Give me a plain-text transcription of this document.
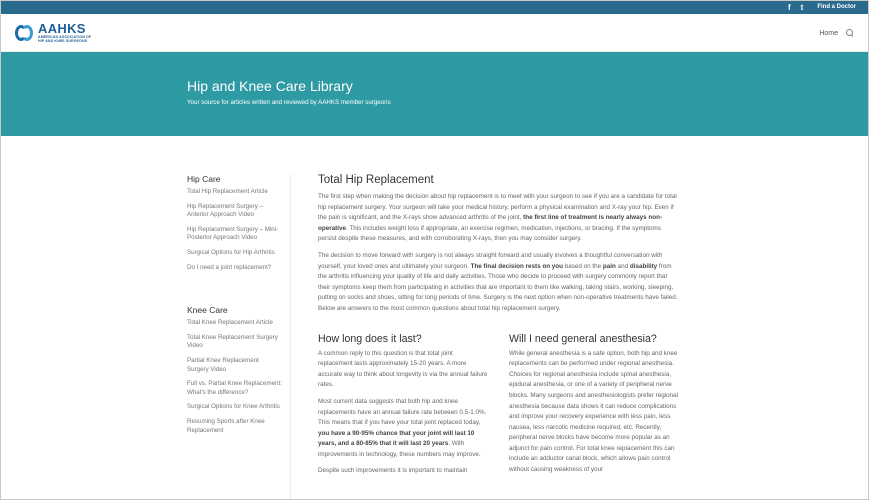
f t Find a Doctor
AAHKS
AMERICAN ASSOCIATION OF
HIP AND KNEE SURGEONS
Home
Hip and Knee Care Library

Your source for articles written and reviewed by AAHKS member surgeons

Hip Care
Total Hip Replacement Article
Hip Replacement Surgery – Anterior Approach Video
Hip Replacement Surgery – Mini-Posterior Approach Video
Surgical Options for Hip Arthritis
Do I need a joint replacement?
Knee Care
Total Knee Replacement Article
Total Knee Replacement Surgery Video
Partial Knee Replacement Surgery Video
Full vs. Partial Knee Replacement: What's the difference?
Surgical Options for Knee Arthritis
Resuming Sports after Knee Replacement
Total Hip Replacement

The first step when making the decision about hip replacement is to meet with your surgeon to see if you are a candidate for total hip replacement surgery. Your surgeon will take your medical history, perform a physical examination and X-ray your hip. Even if the pain is significant, and the X-rays show advanced arthritis of the joint, the first line of treatment is nearly always non-operative. This includes weight loss if appropriate, an exercise regimen, medication, injections, or bracing. If the symptoms persist despite these measures, and with corroborating X-rays, then you may consider surgery.

The decision to move forward with surgery is not always straight forward and usually involves a thoughtful conversation with yourself, your loved ones and ultimately your surgeon. The final decision rests on you based on the pain and disability from the arthritis influencing your quality of life and daily activities. Those who decide to proceed with surgery commonly report that their symptoms keep them from participating in activities that are important to them like walking, taking stairs, working, sleeping, putting on socks and shoes, sitting for long periods of time. Surgery is the next option when non-operative treatments have failed. Below are answers to the most common questions about total hip replacement surgery.

How long does it last?

A common reply to this question is that total joint replacement lasts approximately 15-20 years. A more accurate way to think about longevity is via the annual failure rates.

Most current data suggests that both hip and knee replacements have an annual failure rate between 0.5-1.0%. This means that if you have your total joint replaced today, you have a 90-95% chance that your joint will last 10 years, and a 80-85% that it will last 20 years. With improvements in technology, these numbers may improve.

Despite such improvements it is important to maintain

Will I need general anesthesia?

While general anesthesia is a safe option, both hip and knee replacements can be performed under regional anesthesia. Choices for regional anesthesia include spinal anesthesia, epidural anesthesia, or one of a variety of peripheral nerve blocks. Many surgeons and anesthesiologists prefer regional anesthesia because data shows it can reduce complications and improve your recovery experience with less pain, less nausea, less narcotic medicine required, etc. Recently, peripheral nerve blocks have become more popular as an adjunct for pain control. For total knee replacement this can include an adductor canal block, which allows pain control without causing weakness of your
